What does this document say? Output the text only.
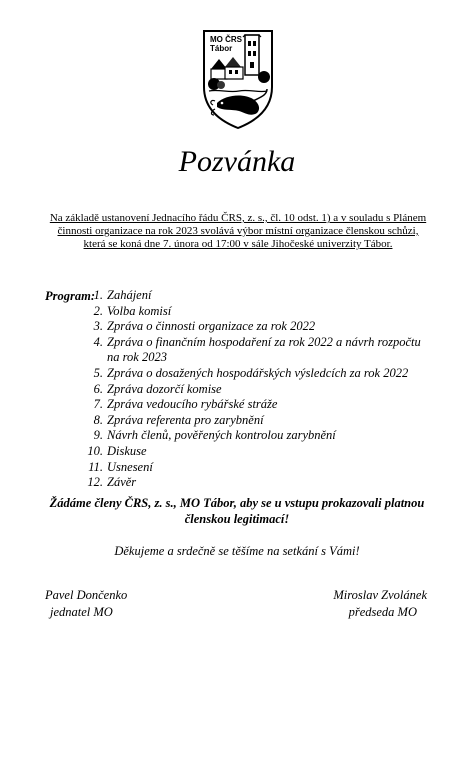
MO ČRS
Tábor
Pozvánka
Na základě ustanovení Jednacího řádu ČRS, z. s., čl. 10 odst. 1) a v souladu s Plánem činnosti organizace na rok 2023 svolává výbor místní organizace členskou schůzi, která se koná dne 7. února od 17:00 v sále Jihočeské univerzity Tábor.
Program:
1. Zahájení
2. Volba komisí
3. Zpráva o činnosti organizace za rok 2022
4. Zpráva o finančním hospodaření za rok 2022 a návrh rozpočtu na rok 2023
5. Zpráva o dosažených hospodářských výsledcích za rok 2022
6. Zpráva dozorčí komise
7. Zpráva vedoucího rybářské stráže
8. Zpráva referenta pro zarybnění
9. Návrh členů, pověřených kontrolou zarybnění
10. Diskuse
11. Usnesení
12. Závěr
Žádáme členy ČRS, z. s., MO Tábor, aby se u vstupu prokazovali platnou členskou legitimací!
Děkujeme a srdečně se těšíme na setkání s Vámi!
Pavel Dončenko
jednatel MO
Miroslav Zvolánek
předseda MO
